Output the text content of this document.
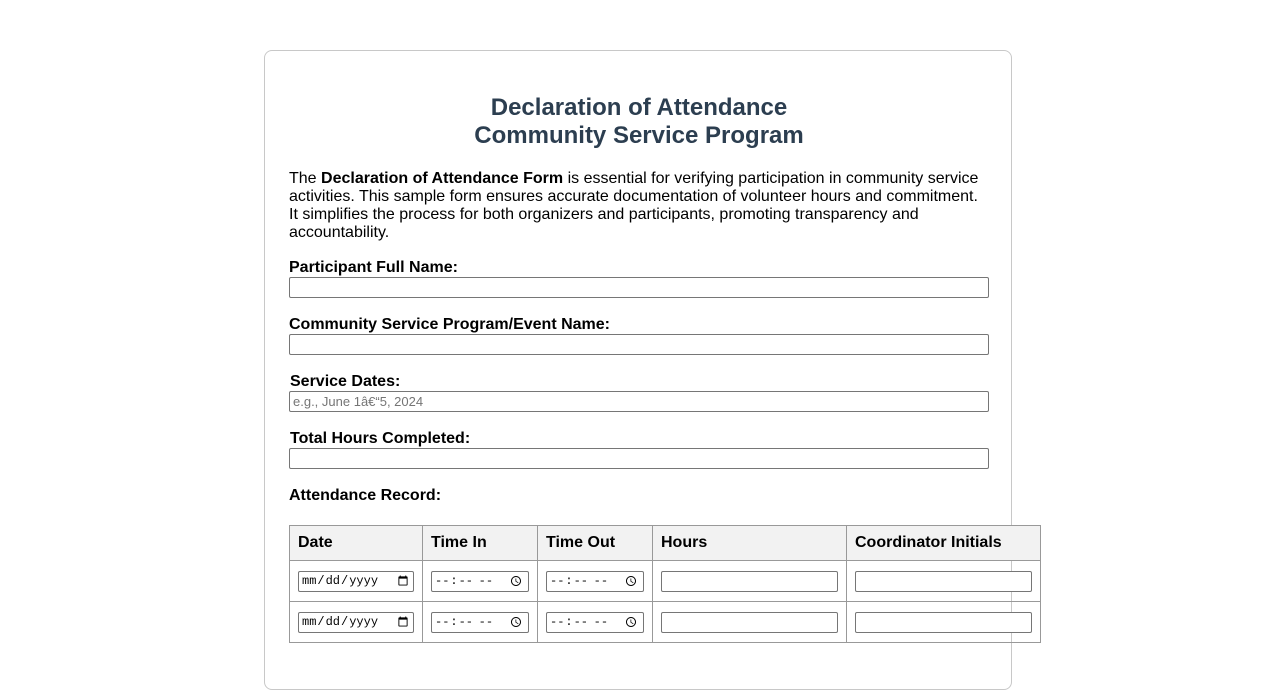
Declaration of Attendance
Community Service Program

The Declaration of Attendance Form is essential for verifying participation in community service activities. This sample form ensures accurate documentation of volunteer hours and commitment. It simplifies the process for both organizers and participants, promoting transparency and accountability.

Participant Full Name:
Community Service Program/Event Name:
Service Dates:
e.g., June 1â€“5, 2024
Total Hours Completed:
Attendance Record:
Date	Time In	Time Out	Hours	Coordinator Initials
